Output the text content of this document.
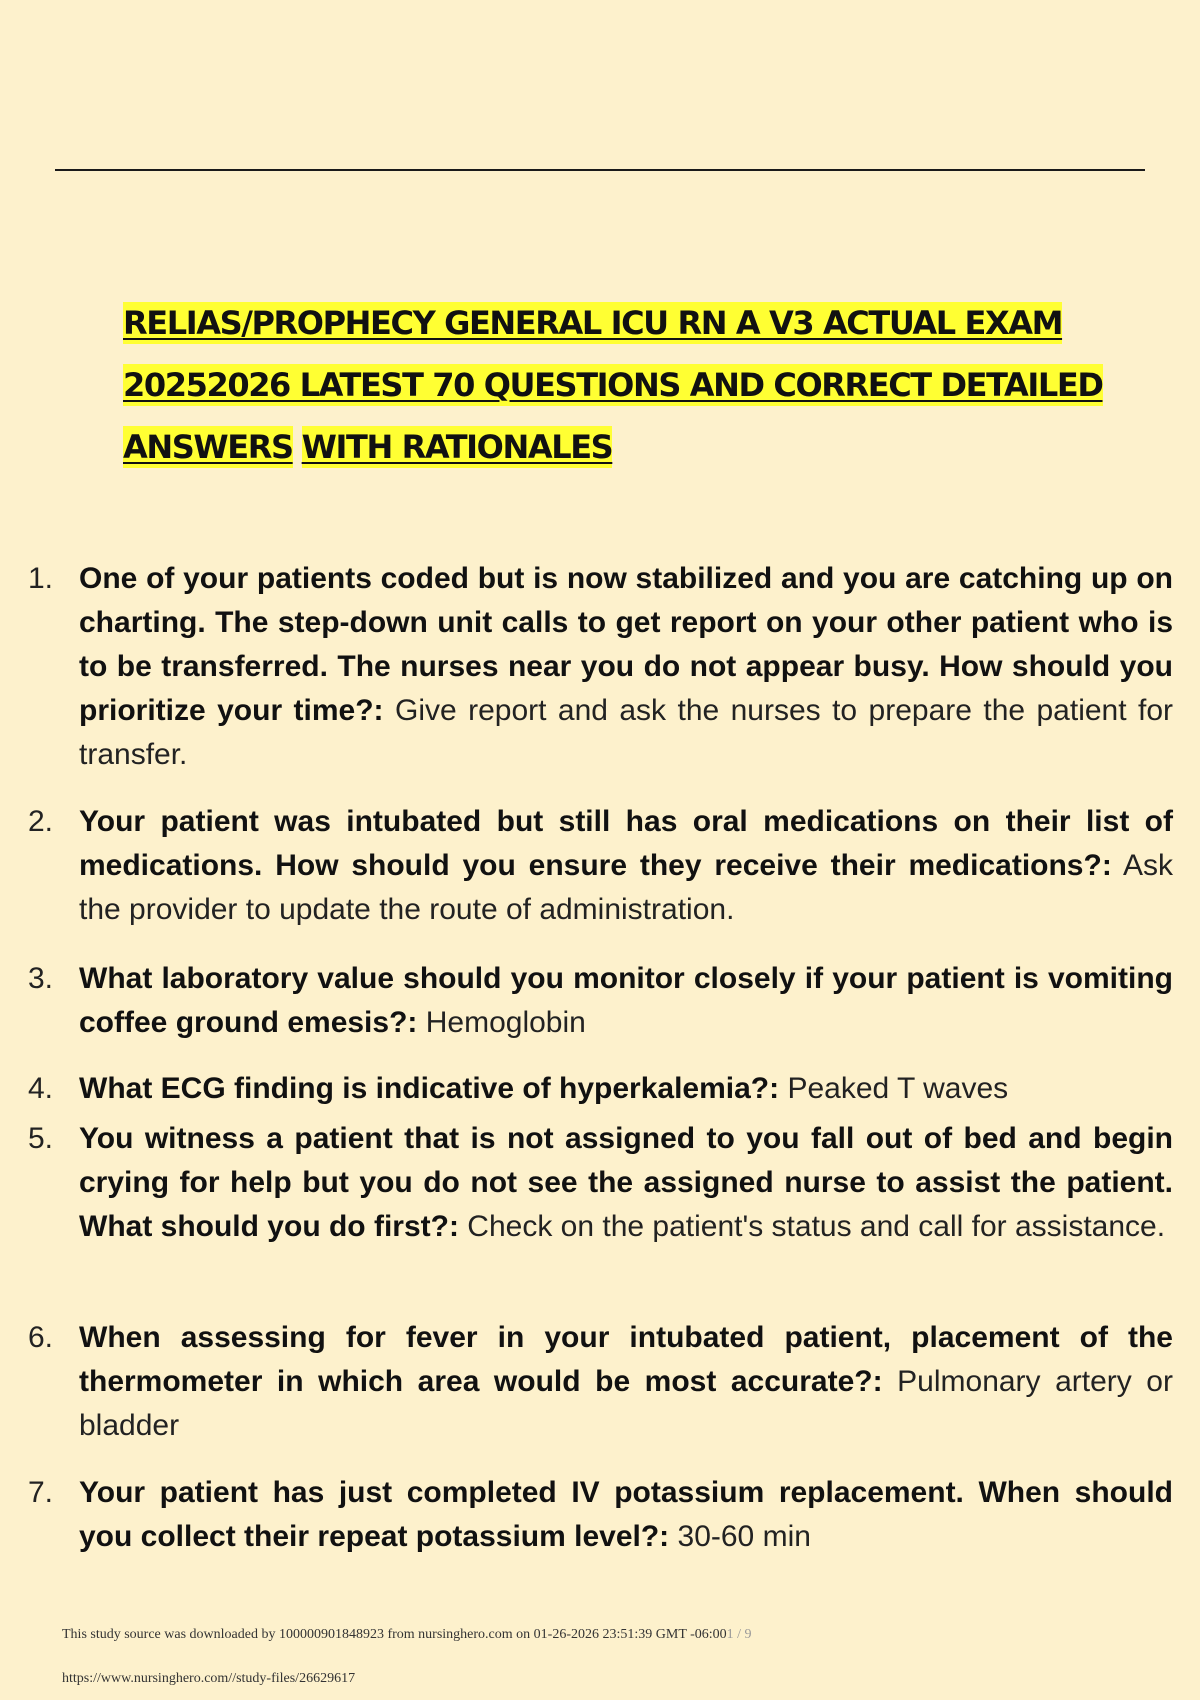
RELIAS/PROPHECY GENERAL ICU RN A V3 ACTUAL EXAM
20252026 LATEST 70 QUESTIONS AND CORRECT DETAILED
ANSWERS WITH RATIONALES
1. One of your patients coded but is now stabilized and you are catching up on charting. The step-down unit calls to get report on your other patient who is to be transferred. The nurses near you do not appear busy. How should you prioritize your time?: Give report and ask the nurses to prepare the patient for transfer.
2. Your patient was intubated but still has oral medications on their list of medications. How should you ensure they receive their medications?: Ask the provider to update the route of administration.
3. What laboratory value should you monitor closely if your patient is vomiting coffee ground emesis?: Hemoglobin
4. What ECG finding is indicative of hyperkalemia?: Peaked T waves
5. You witness a patient that is not assigned to you fall out of bed and begin crying for help but you do not see the assigned nurse to assist the patient. What should you do first?: Check on the patient's status and call for assistance.
6. When assessing for fever in your intubated patient, placement of the thermometer in which area would be most accurate?: Pulmonary artery or bladder
7. Your patient has just completed IV potassium replacement. When should you collect their repeat potassium level?: 30-60 min
This study source was downloaded by 100000901848923 from nursinghero.com on 01-26-2026 23:51:39 GMT -06:001 / 9
https://www.nursinghero.com//study-files/26629617
